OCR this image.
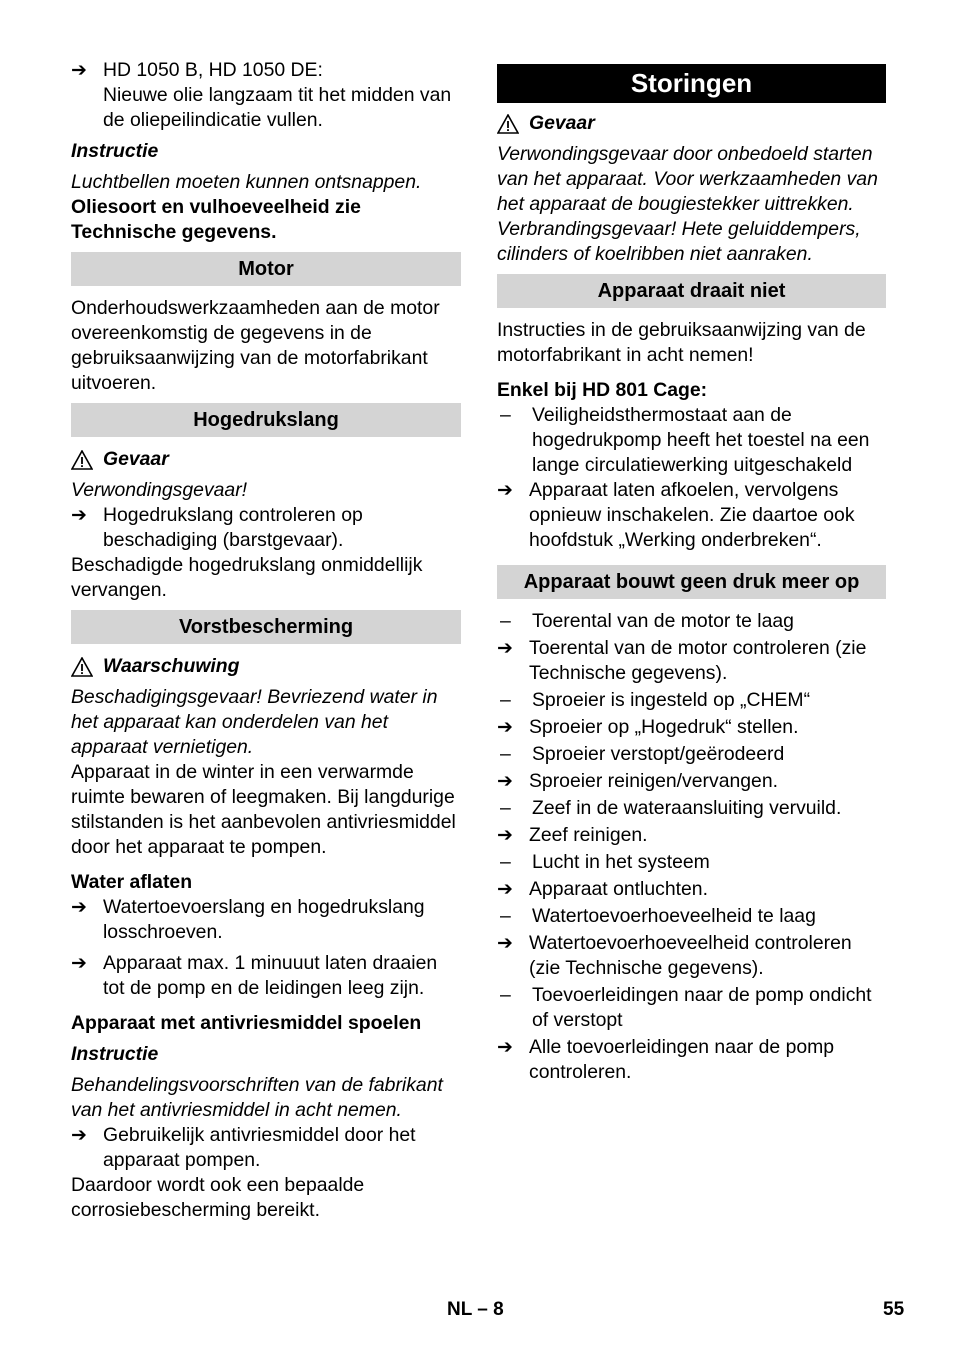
➔ HD 1050 B, HD 1050 DE:

Nieuwe olie langzaam tit het midden van de oliepeilindicatie vullen.

Instructie

Luchtbellen moeten kunnen ontsnappen.

Oliesoort en vulhoeveelheid zie Technische gegevens.

Motor

Onderhoudswerkzaamheden aan de motor overeenkomstig de gegevens in de gebruiksaanwijzing van de motorfabrikant uitvoeren.

Hogedrukslang
Gevaar

Verwondingsgevaar!

➔ Hogedrukslang controleren op beschadiging (barstgevaar).

Beschadigde hogedrukslang onmiddellijk vervangen.

Vorstbescherming
Waarschuwing

Beschadigingsgevaar! Bevriezend water in het apparaat kan onderdelen van het apparaat vernietigen.

Apparaat in de winter in een verwarmde ruimte bewaren of leegmaken. Bij langdurige stilstanden is het aanbevolen antivriesmiddel door het apparaat te pompen.

Water aflaten

➔ Watertoevoerslang en hogedrukslang losschroeven.

➔ Apparaat max. 1 minuuut laten draaien tot de pomp en de leidingen leeg zijn.

Apparaat met antivriesmiddel spoelen

Instructie

Behandelingsvoorschriften van de fabrikant van het antivriesmiddel in acht nemen.

➔ Gebruikelijk antivriesmiddel door het apparaat pompen.

Daardoor wordt ook een bepaalde corrosiebescherming bereikt.

Storingen
Gevaar

Verwondingsgevaar door onbedoeld starten van het apparaat. Voor werkzaamheden van het apparaat de bougiestekker uittrekken.

Verbrandingsgevaar! Hete geluiddempers, cilinders of koelribben niet aanraken.

Apparaat draait niet

Instructies in de gebruiksaanwijzing van de motorfabrikant in acht nemen!

Enkel bij HD 801 Cage:

–	Veiligheidsthermostaat aan de hogedrukpomp heeft het toestel na een lange circulatiewerking uitgeschakeld

➔ Apparaat laten afkoelen, vervolgens opnieuw inschakelen. Zie daartoe ook hoofdstuk „Werking onderbreken“.

Apparaat bouwt geen druk meer op
–	Toerental van de motor te laag

➔ Toerental van de motor controleren (zie Technische gegevens).

–	Sproeier is ingesteld op „CHEM“

➔ Sproeier op „Hogedruk“ stellen.

–	Sproeier verstopt/geërodeerd

➔ Sproeier reinigen/vervangen.

–	Zeef in de wateraansluiting vervuild.

➔ Zeef reinigen.

–	Lucht in het systeem

➔ Apparaat ontluchten.

–	Watertoevoerhoeveelheid te laag

➔ Watertoevoerhoeveelheid controleren (zie Technische gegevens).

–	Toevoerleidingen naar de pomp ondicht of verstopt

➔ Alle toevoerleidingen naar de pomp controleren.

NL – 8	55
